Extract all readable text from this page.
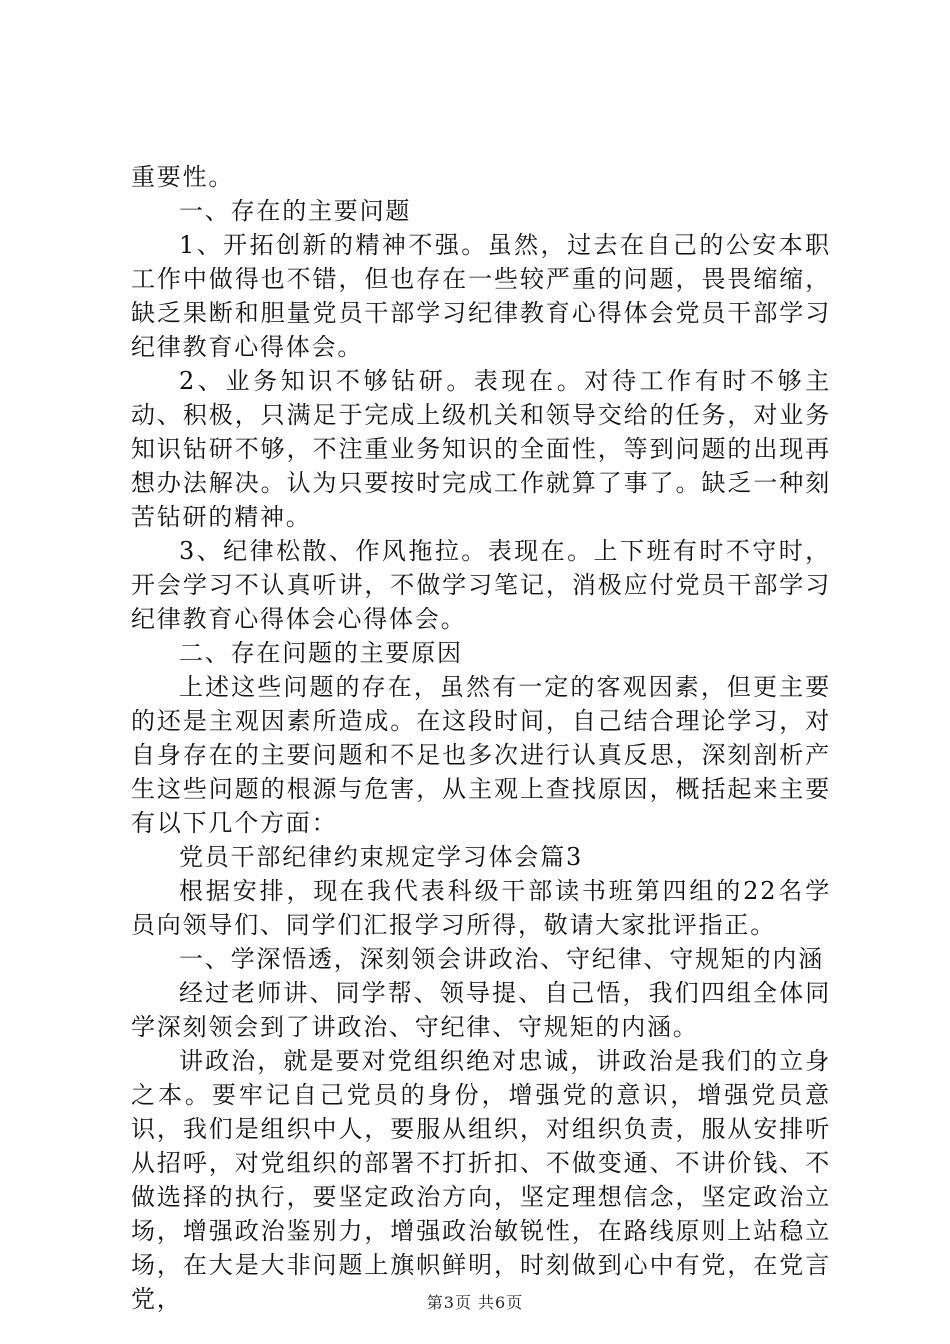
重要性。

一、存在的主要问题

1、开拓创新的精神不强。虽然，过去在自己的公安本职工作中做得也不错，但也存在一些较严重的问题，畏畏缩缩，缺乏果断和胆量党员干部学习纪律教育心得体会党员干部学习纪律教育心得体会。

2、业务知识不够钻研。表现在。对待工作有时不够主动、积极，只满足于完成上级机关和领导交给的任务，对业务知识钻研不够，不注重业务知识的全面性，等到问题的出现再想办法解决。认为只要按时完成工作就算了事了。缺乏一种刻苦钻研的精神。

3、纪律松散、作风拖拉。表现在。上下班有时不守时，开会学习不认真听讲，不做学习笔记，消极应付党员干部学习纪律教育心得体会心得体会。

二、存在问题的主要原因

上述这些问题的存在，虽然有一定的客观因素，但更主要的还是主观因素所造成。在这段时间，自己结合理论学习，对自身存在的主要问题和不足也多次进行认真反思，深刻剖析产生这些问题的根源与危害，从主观上查找原因，概括起来主要有以下几个方面：

党员干部纪律约束规定学习体会篇3

根据安排，现在我代表科级干部读书班第四组的22名学员向领导们、同学们汇报学习所得，敬请大家批评指正。

一、学深悟透，深刻领会讲政治、守纪律、守规矩的内涵

经过老师讲、同学帮、领导提、自己悟，我们四组全体同学深刻领会到了讲政治、守纪律、守规矩的内涵。

讲政治，就是要对党组织绝对忠诚，讲政治是我们的立身之本。要牢记自己党员的身份，增强党的意识，增强党员意识，我们是组织中人，要服从组织，对组织负责，服从安排听从招呼，对党组织的部署不打折扣、不做变通、不讲价钱、不做选择的执行，要坚定政治方向，坚定理想信念，坚定政治立场，增强政治鉴别力，增强政治敏锐性，在路线原则上站稳立场，在大是大非问题上旗帜鲜明，时刻做到心中有党，在党言党，	第3页 共6页
